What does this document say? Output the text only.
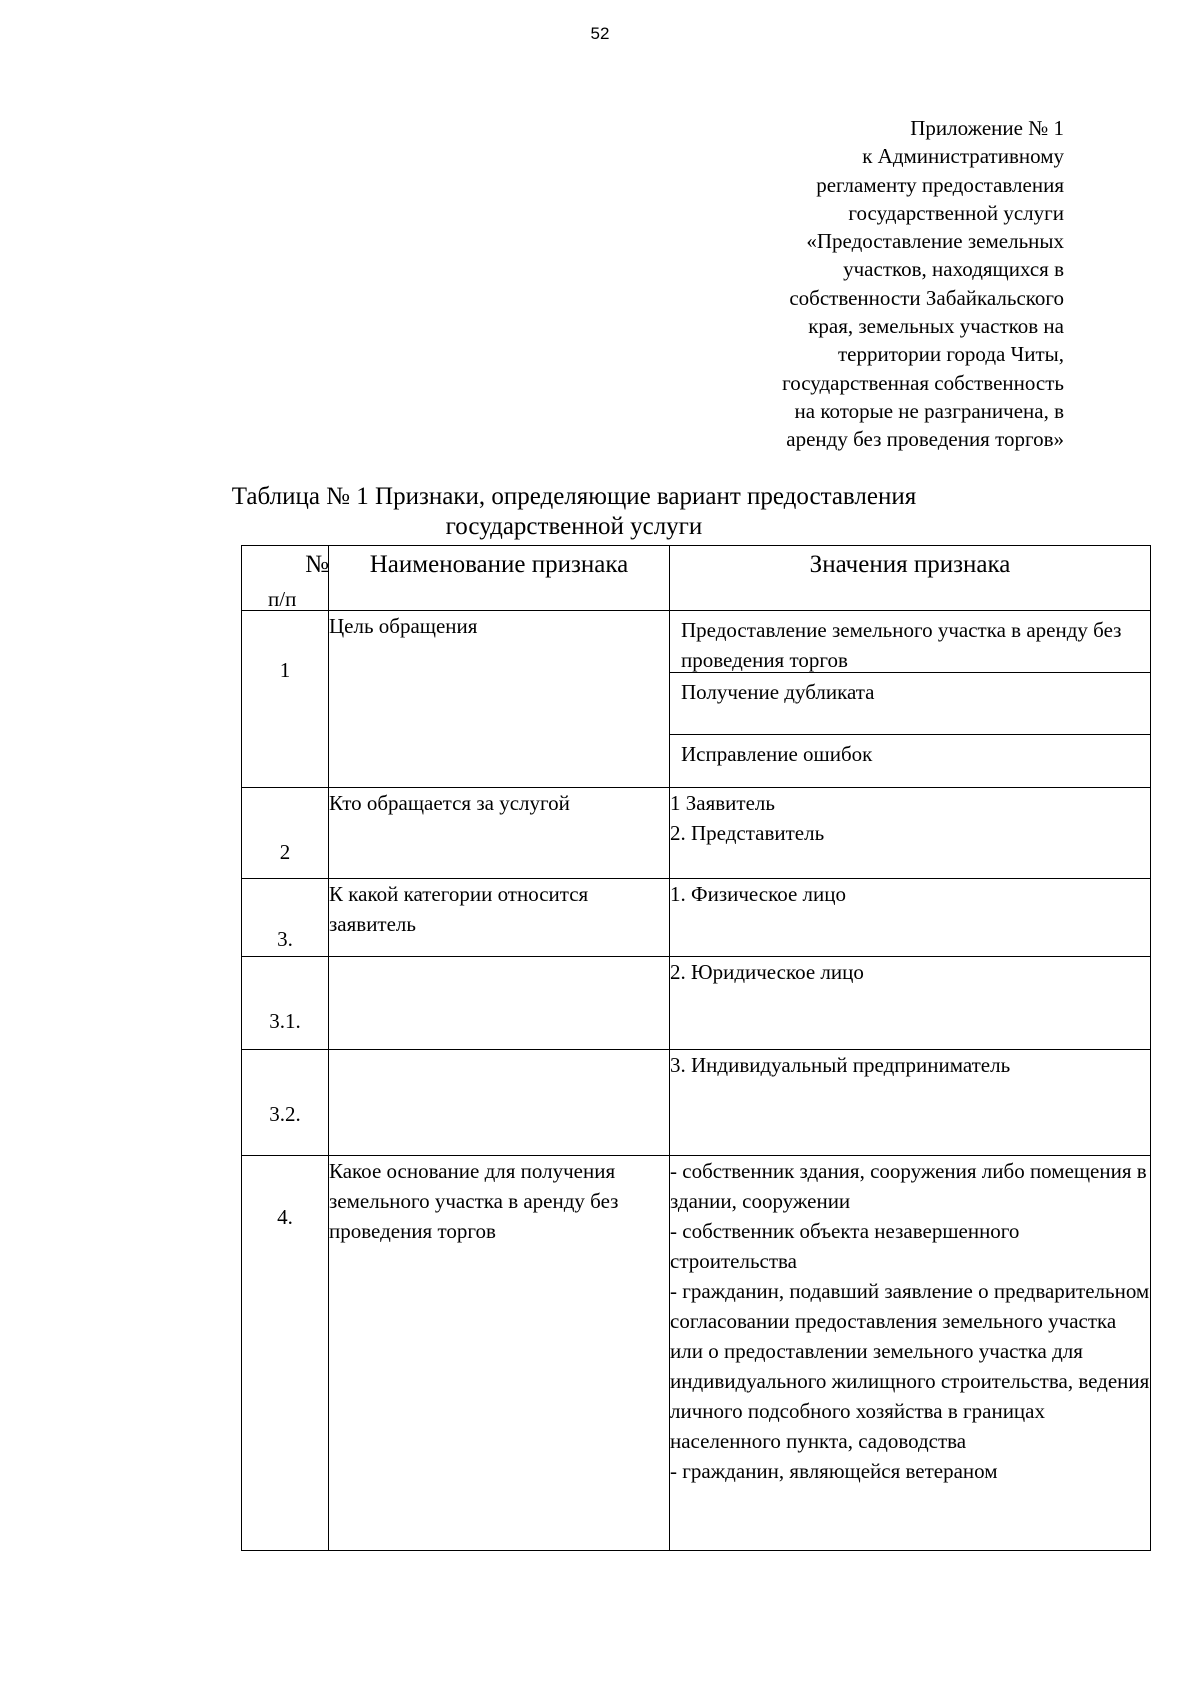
52
Приложение № 1
к Административному
регламенту предоставления
государственной услуги
«Предоставление земельных
участков, находящихся в
собственности Забайкальского
края, земельных участков на
территории города Читы,
государственная собственность
на которые не разграничена, в
аренду без проведения торгов»
Таблица № 1 Признаки, определяющие вариант предоставления
государственной услуги
№
п/п	Наименование признака	Значения признака

1	Цель обращения	Предоставление земельного участка в аренду без проведения торгов
Получение дубликата
Исправление ошибок

2	Кто обращается за услугой	1 Заявитель
2. Представитель

3.	К какой категории относится заявитель	1. Физическое лицо

3.1.		2. Юридическое лицо

3.2.		3. Индивидуальный предприниматель

4.	Какое основание для получения земельного участка в аренду без проведения торгов	- собственник здания, сооружения либо помещения в здании, сооружении
- собственник объекта незавершенного строительства
- гражданин, подавший заявление о предварительном согласовании предоставления земельного участка или о предоставлении земельного участка для индивидуального жилищного строительства, ведения личного подсобного хозяйства в границах населенного пункта, садоводства
- гражданин, являющейся ветераном
